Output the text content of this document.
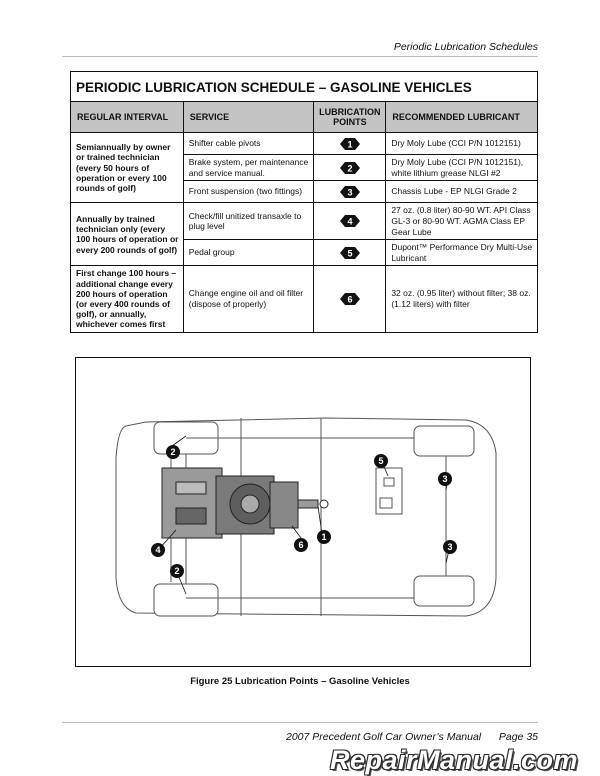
Periodic Lubrication Schedules
PERIODIC LUBRICATION SCHEDULE – GASOLINE VEHICLES			
REGULAR INTERVAL	SERVICE	LUBRICATION POINTS	RECOMMENDED LUBRICANT
Semiannually by owner or trained technician (every 50 hours of operation or every 100 rounds of golf)	Shifter cable pivots	1	Dry Moly Lube (CCI P/N 1012151)
	Brake system, per maintenance and service manual.	2	Dry Moly Lube (CCI P/N 1012151), white lithium grease NLGI #2
	Front suspension (two fittings)	3	Chassis Lube - EP NLGI Grade 2
Annually by trained technician only (every 100 hours of operation or every 200 rounds of golf)	Check/fill unitized transaxle to plug level	4	27 oz. (0.8 liter) 80-90 WT. API Class GL-3 or 80-90 WT. AGMA Class EP Gear Lube
	Pedal group	5	Dupont™ Performance Dry Multi-Use Lubricant
First change 100 hours – additional change every 200 hours of operation (or every 400 rounds of golf), or annually, whichever comes first	Change engine oil and oil filter (dispose of properly)	6	32 oz. (0.95 liter) without filter; 38 oz. (1.12 liters) with filter
2
2
3
3
4
5
6
1
Figure 25 Lubrication Points – Gasoline Vehicles
2007 Precedent Golf Car Owner’s Manual Page 35
RepairManual.com
